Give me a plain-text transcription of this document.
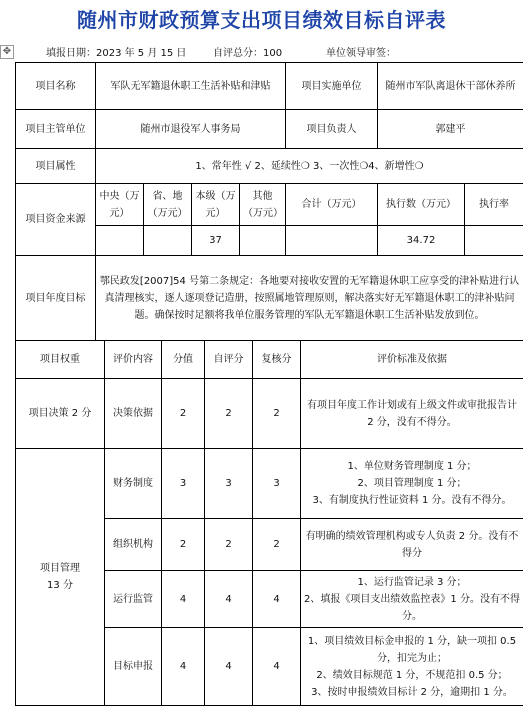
随州市财政预算支出项目绩效目标自评表
✥	填报日期：2023 年 5 月 15 日	自评总分：100	单位领导审签：
项目名称	军队无军籍退休职工生活补贴和津贴				项目实施单位	随州市军队离退休干部休养所	
项目主管单位	随州市退役军人事务局				项目负责人	郭建平	
项目属性	1、常年性 √ 2、延续性❍ 3、一次性❍4、新增性❍						
项目资金来源	中央（万元）	省、地（万元）	本级（万元）	其他（万元）	合计（万元）	执行数（万元）	执行率
			37			34.72	
项目年度目标	鄂民政发[2007]54 号第二条规定：各地要对接收安置的无军籍退休职工应享受的津补贴进行认真清理核实，逐人逐项登记造册，按照属地管理原则，解决落实好无军籍退休职工的津补贴问题。确保按时足额将我单位服务管理的军队无军籍退休职工生活补贴发放到位。						
项目权重	评价内容	分值	自评分	复核分	评价标准及依据
项目决策 2 分	决策依据	2	2	2	有项目年度工作计划或有上级文件或审批报告计 2 分，没有不得分。

项目管理
13 分	财务制度	3	3	3	1、单位财务管理制度 1 分；
2、项目管理制度 1 分；
3、有制度执行性证资料 1 分。没有不得分。

	组织机构	2	2	2	有明确的绩效管理机构或专人负责 2 分。没有不得分

	运行监管	4	4	4	1、运行监管记录 3 分；
2、填报《项目支出绩效监控表》1 分。没有不得分。

	目标申报	4	4	4	1、项目绩效目标金申报的 1 分，缺一项扣 0.5 分，扣完为止；
2、绩效目标规范 1 分，不规范扣 0.5 分；
3、按时申报绩效目标计 2 分，逾期扣 1 分。
